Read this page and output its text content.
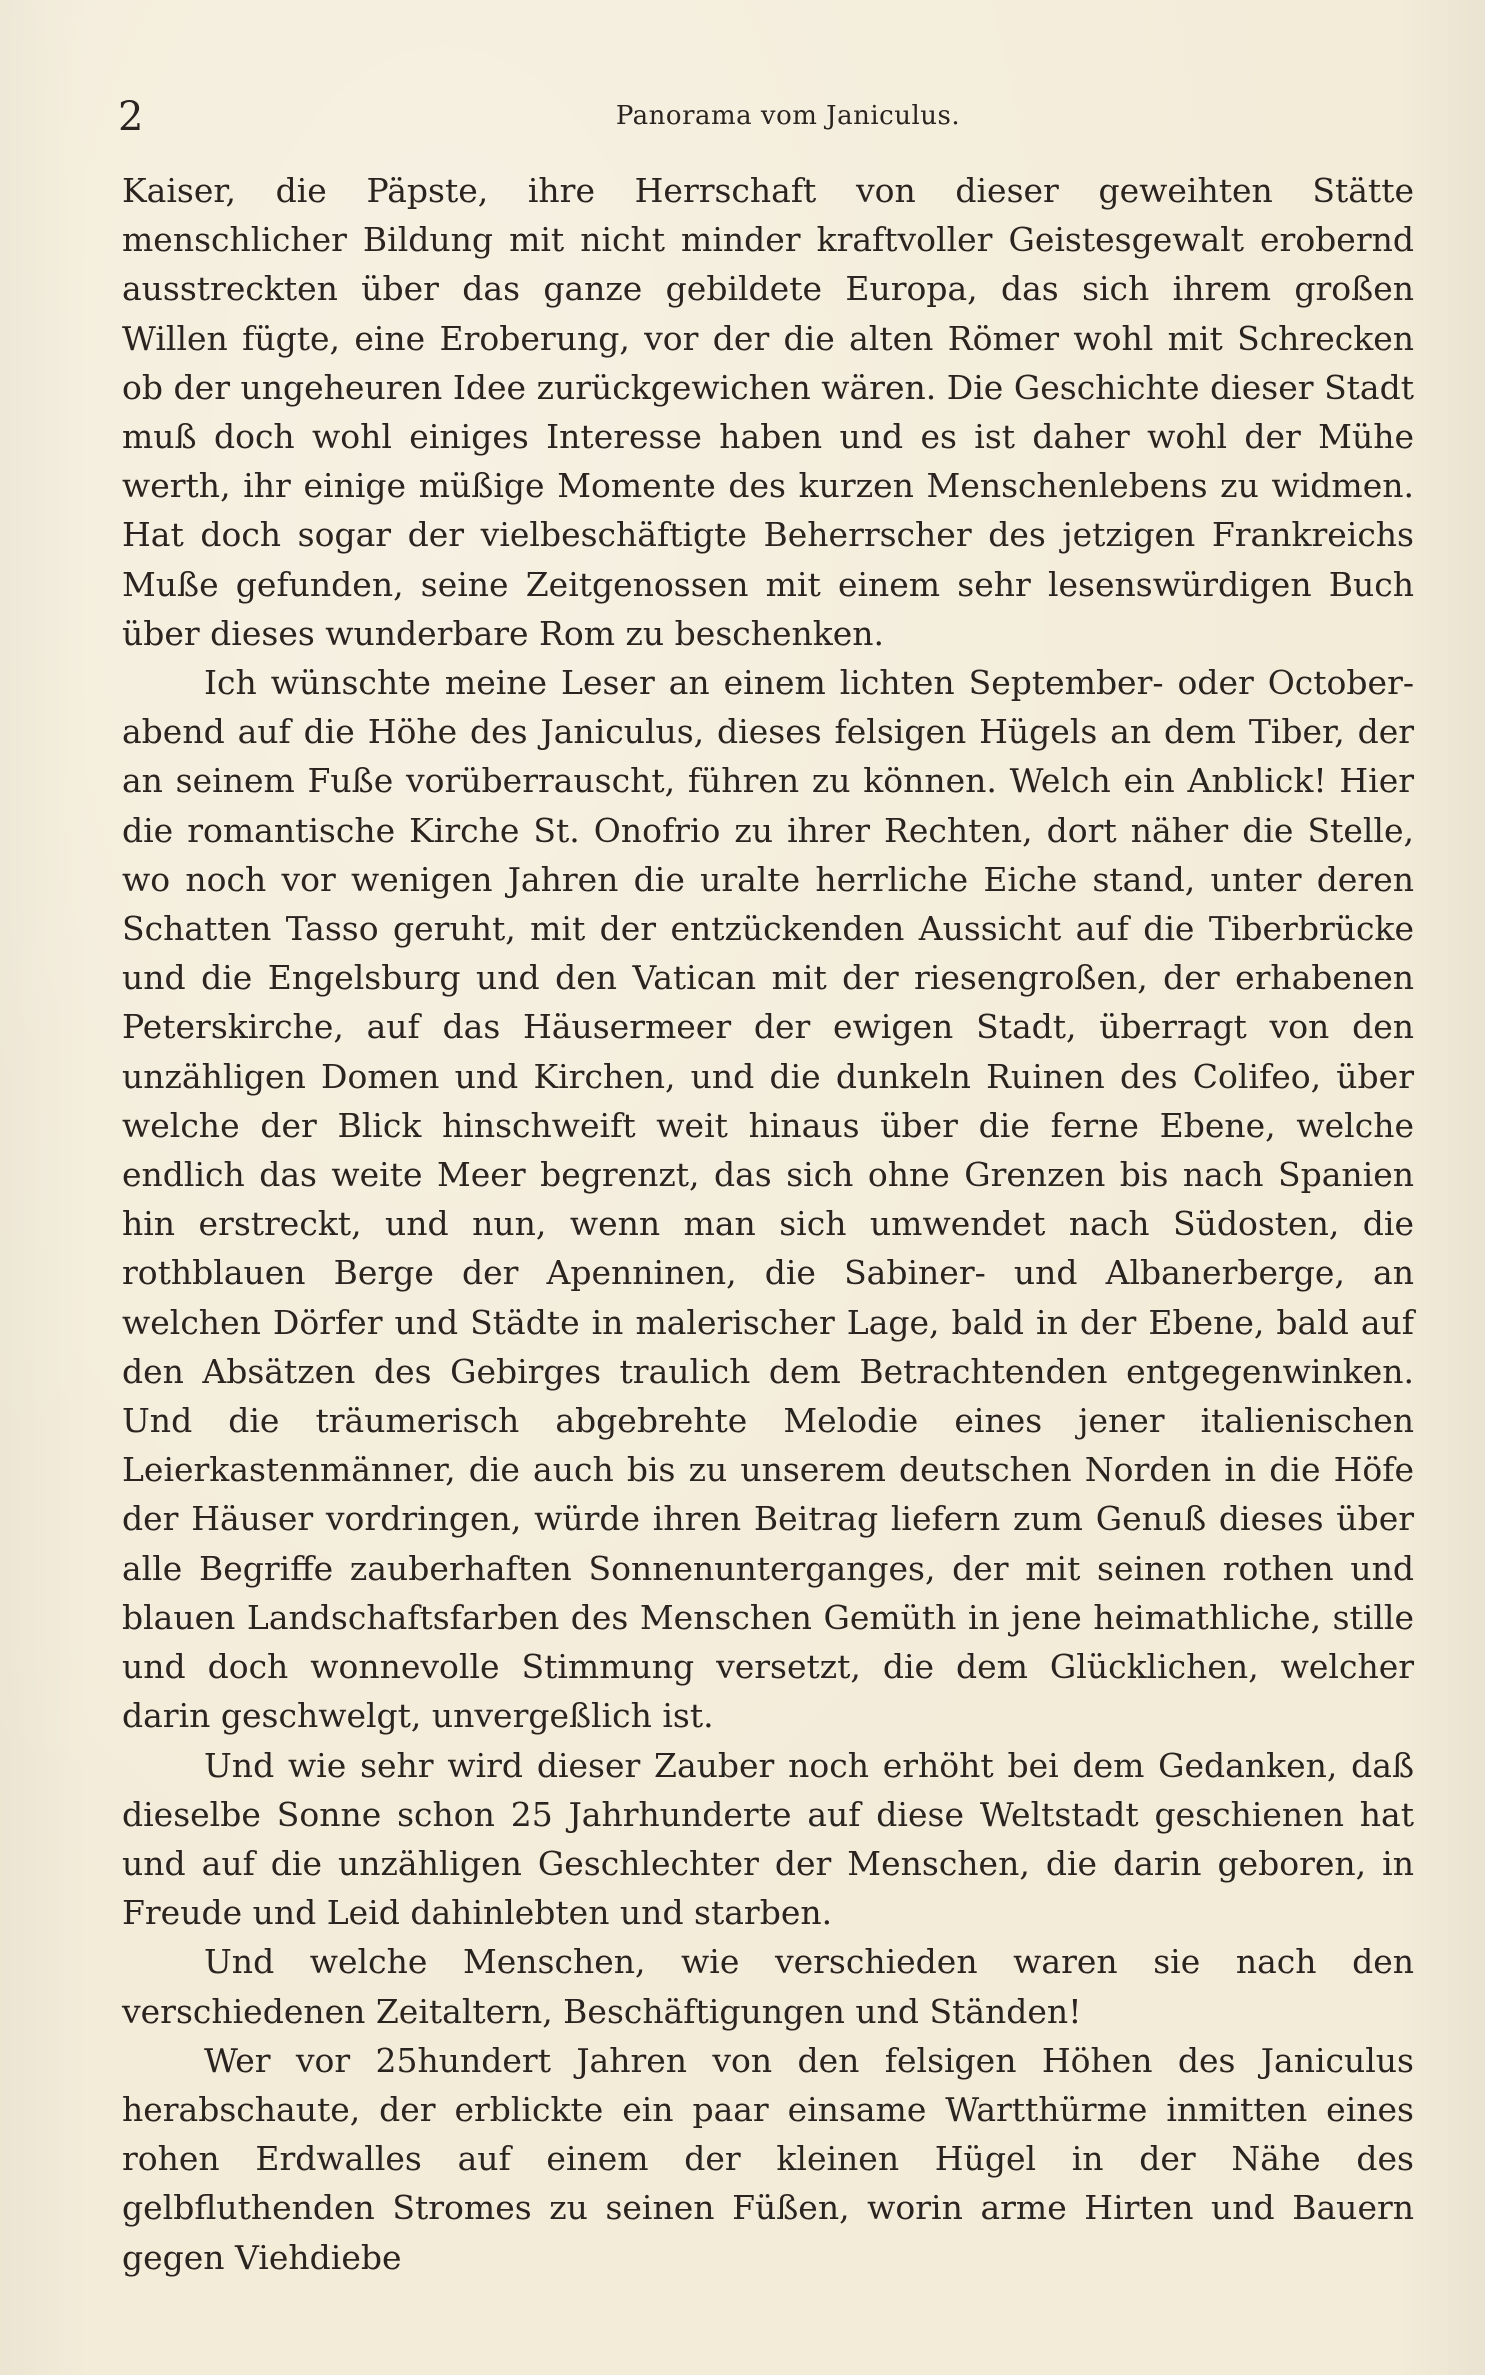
2	Panorama vom Janiculus.

Kaiser, die Päpste, ihre Herrschaft von dieser geweihten Stätte menschlicher Bildung mit nicht minder kraftvoller Geistesgewalt erobernd ausstreckten über das ganze gebildete Europa, das sich ihrem großen Willen fügte, eine Eroberung, vor der die alten Römer wohl mit Schrecken ob der ungeheuren Idee zurückgewichen wären. Die Geschichte dieser Stadt muß doch wohl einiges Interesse haben und es ist daher wohl der Mühe werth, ihr einige müßige Momente des kurzen Menschenlebens zu widmen. Hat doch sogar der vielbeschäftigte Beherrscher des jetzigen Frankreichs Muße gefunden, seine Zeitgenossen mit einem sehr lesenswürdigen Buch über dieses wunderbare Rom zu beschenken.

Ich wünschte meine Leser an einem lichten September- oder October-abend auf die Höhe des Janiculus, dieses felsigen Hügels an dem Tiber, der an seinem Fuße vorüberrauscht, führen zu können. Welch ein Anblick! Hier die romantische Kirche St. Onofrio zu ihrer Rechten, dort näher die Stelle, wo noch vor wenigen Jahren die uralte herrliche Eiche stand, unter deren Schatten Tasso geruht, mit der entzückenden Aussicht auf die Tiberbrücke und die Engelsburg und den Vatican mit der riesengroßen, der erhabenen Peterskirche, auf das Häusermeer der ewigen Stadt, überragt von den unzähligen Domen und Kirchen, und die dunkeln Ruinen des Colifeo, über welche der Blick hinschweift weit hinaus über die ferne Ebene, welche endlich das weite Meer begrenzt, das sich ohne Grenzen bis nach Spanien hin erstreckt, und nun, wenn man sich umwendet nach Südosten, die rothblauen Berge der Apenninen, die Sabiner- und Albanerberge, an welchen Dörfer und Städte in malerischer Lage, bald in der Ebene, bald auf den Absätzen des Gebirges traulich dem Betrachtenden entgegenwinken. Und die träumerisch abgebrehte Melodie eines jener italienischen Leierkastenmänner, die auch bis zu unserem deutschen Norden in die Höfe der Häuser vordringen, würde ihren Beitrag liefern zum Genuß dieses über alle Begriffe zauberhaften Sonnenunterganges, der mit seinen rothen und blauen Landschaftsfarben des Menschen Gemüth in jene heimathliche, stille und doch wonnevolle Stimmung versetzt, die dem Glücklichen, welcher darin geschwelgt, unvergeßlich ist.

Und wie sehr wird dieser Zauber noch erhöht bei dem Gedanken, daß dieselbe Sonne schon 25 Jahrhunderte auf diese Weltstadt geschienen hat und auf die unzähligen Geschlechter der Menschen, die darin geboren, in Freude und Leid dahinlebten und starben.

Und welche Menschen, wie verschieden waren sie nach den verschiedenen Zeitaltern, Beschäftigungen und Ständen!

Wer vor 25hundert Jahren von den felsigen Höhen des Janiculus herabschaute, der erblickte ein paar einsame Wartthürme inmitten eines rohen Erdwalles auf einem der kleinen Hügel in der Nähe des gelbfluthenden Stromes zu seinen Füßen, worin arme Hirten und Bauern gegen Viehdiebe
